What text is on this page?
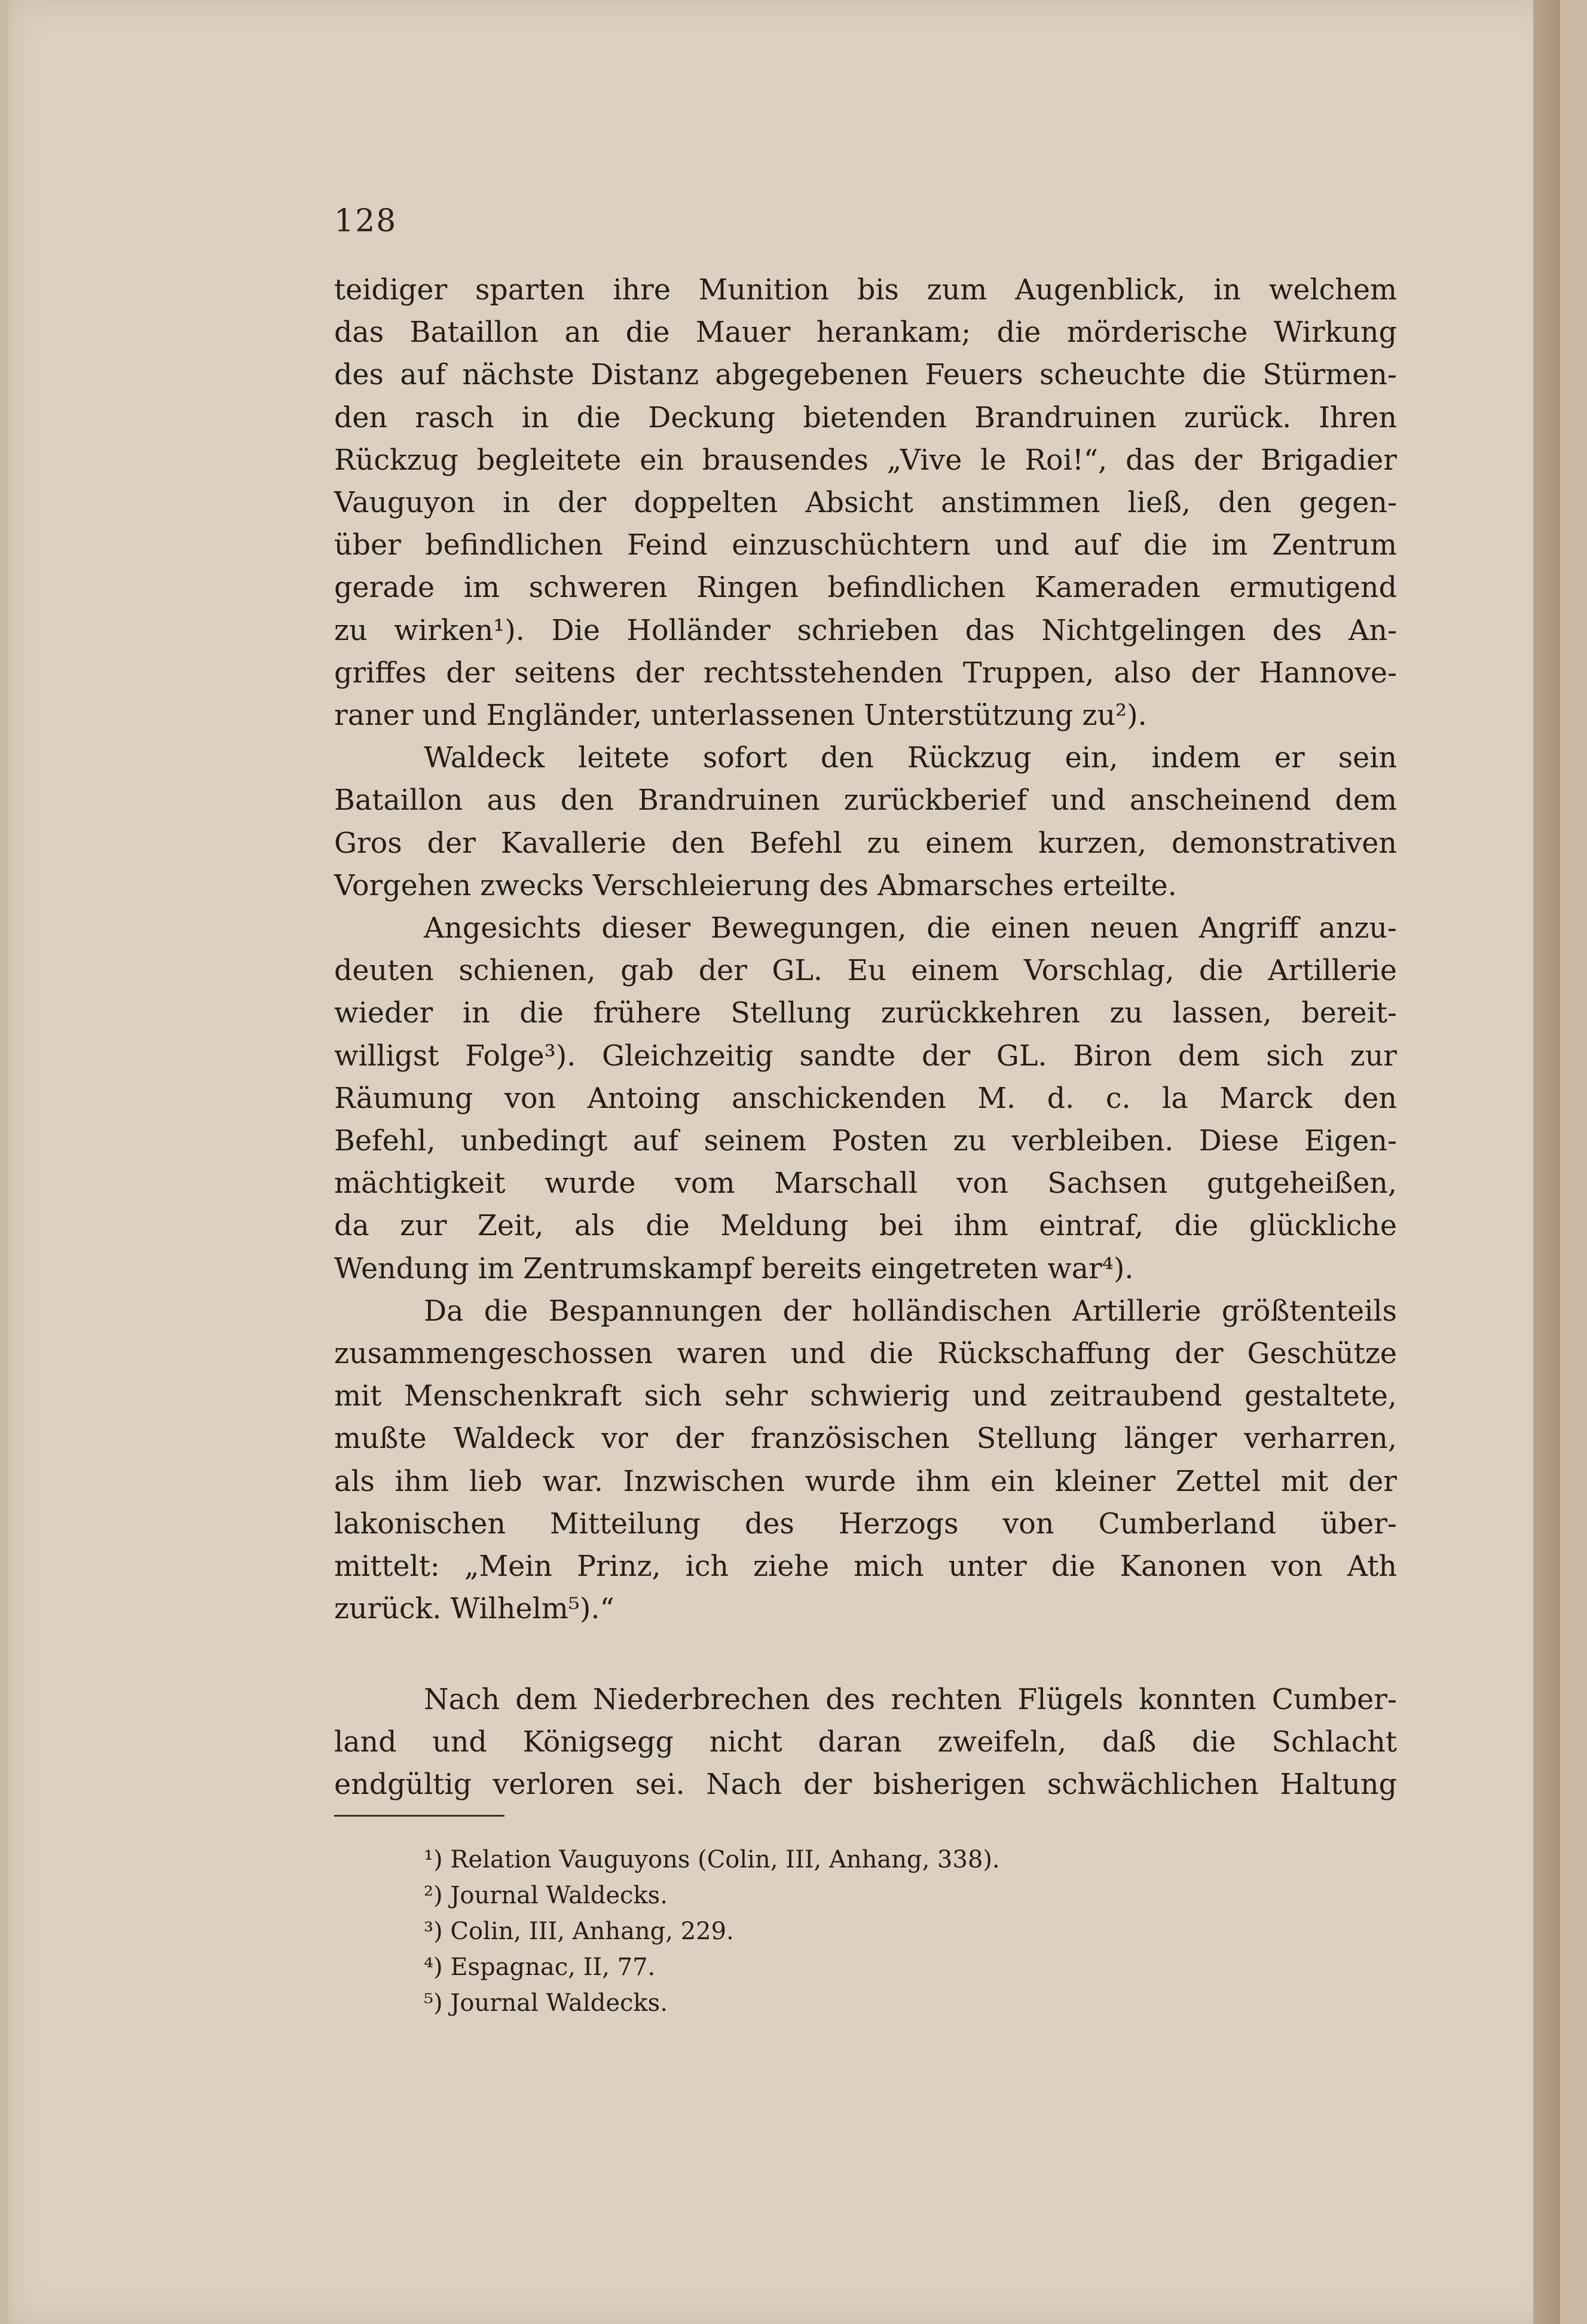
128

teidiger sparten ihre Munition bis zum Augenblick, in welchem

das Bataillon an die Mauer herankam; die mörderische Wirkung

des auf nächste Distanz abgegebenen Feuers scheuchte die Stürmen-

den rasch in die Deckung bietenden Brandruinen zurück. Ihren

Rückzug begleitete ein brausendes „Vive le Roi!“, das der Brigadier

Vauguyon in der doppelten Absicht anstimmen ließ, den gegen-

über befindlichen Feind einzuschüchtern und auf die im Zentrum

gerade im schweren Ringen befindlichen Kameraden ermutigend

zu wirken¹). Die Holländer schrieben das Nichtgelingen des An-

griffes der seitens der rechtsstehenden Truppen, also der Hannove-

raner und Engländer, unterlassenen Unterstützung zu²).

Waldeck leitete sofort den Rückzug ein, indem er sein

Bataillon aus den Brandruinen zurückberief und anscheinend dem

Gros der Kavallerie den Befehl zu einem kurzen, demonstrativen

Vorgehen zwecks Verschleierung des Abmarsches erteilte.

Angesichts dieser Bewegungen, die einen neuen Angriff anzu-

deuten schienen, gab der GL. Eu einem Vorschlag, die Artillerie

wieder in die frühere Stellung zurückkehren zu lassen, bereit-

willigst Folge³). Gleichzeitig sandte der GL. Biron dem sich zur

Räumung von Antoing anschickenden M. d. c. la Marck den

Befehl, unbedingt auf seinem Posten zu verbleiben. Diese Eigen-

mächtigkeit wurde vom Marschall von Sachsen gutgeheißen,

da zur Zeit, als die Meldung bei ihm eintraf, die glückliche

Wendung im Zentrumskampf bereits eingetreten war⁴).

Da die Bespannungen der holländischen Artillerie größtenteils

zusammengeschossen waren und die Rückschaffung der Geschütze

mit Menschenkraft sich sehr schwierig und zeitraubend gestaltete,

mußte Waldeck vor der französischen Stellung länger verharren,

als ihm lieb war. Inzwischen wurde ihm ein kleiner Zettel mit der

lakonischen Mitteilung des Herzogs von Cumberland über-

mittelt: „Mein Prinz, ich ziehe mich unter die Kanonen von Ath

zurück. Wilhelm⁵).“

Nach dem Niederbrechen des rechten Flügels konnten Cumber-

land und Königsegg nicht daran zweifeln, daß die Schlacht

endgültig verloren sei. Nach der bisherigen schwächlichen Haltung

¹) Relation Vauguyons (Colin, III, Anhang, 338).
²) Journal Waldecks.
³) Colin, III, Anhang, 229.
⁴) Espagnac, II, 77.
⁵) Journal Waldecks.
